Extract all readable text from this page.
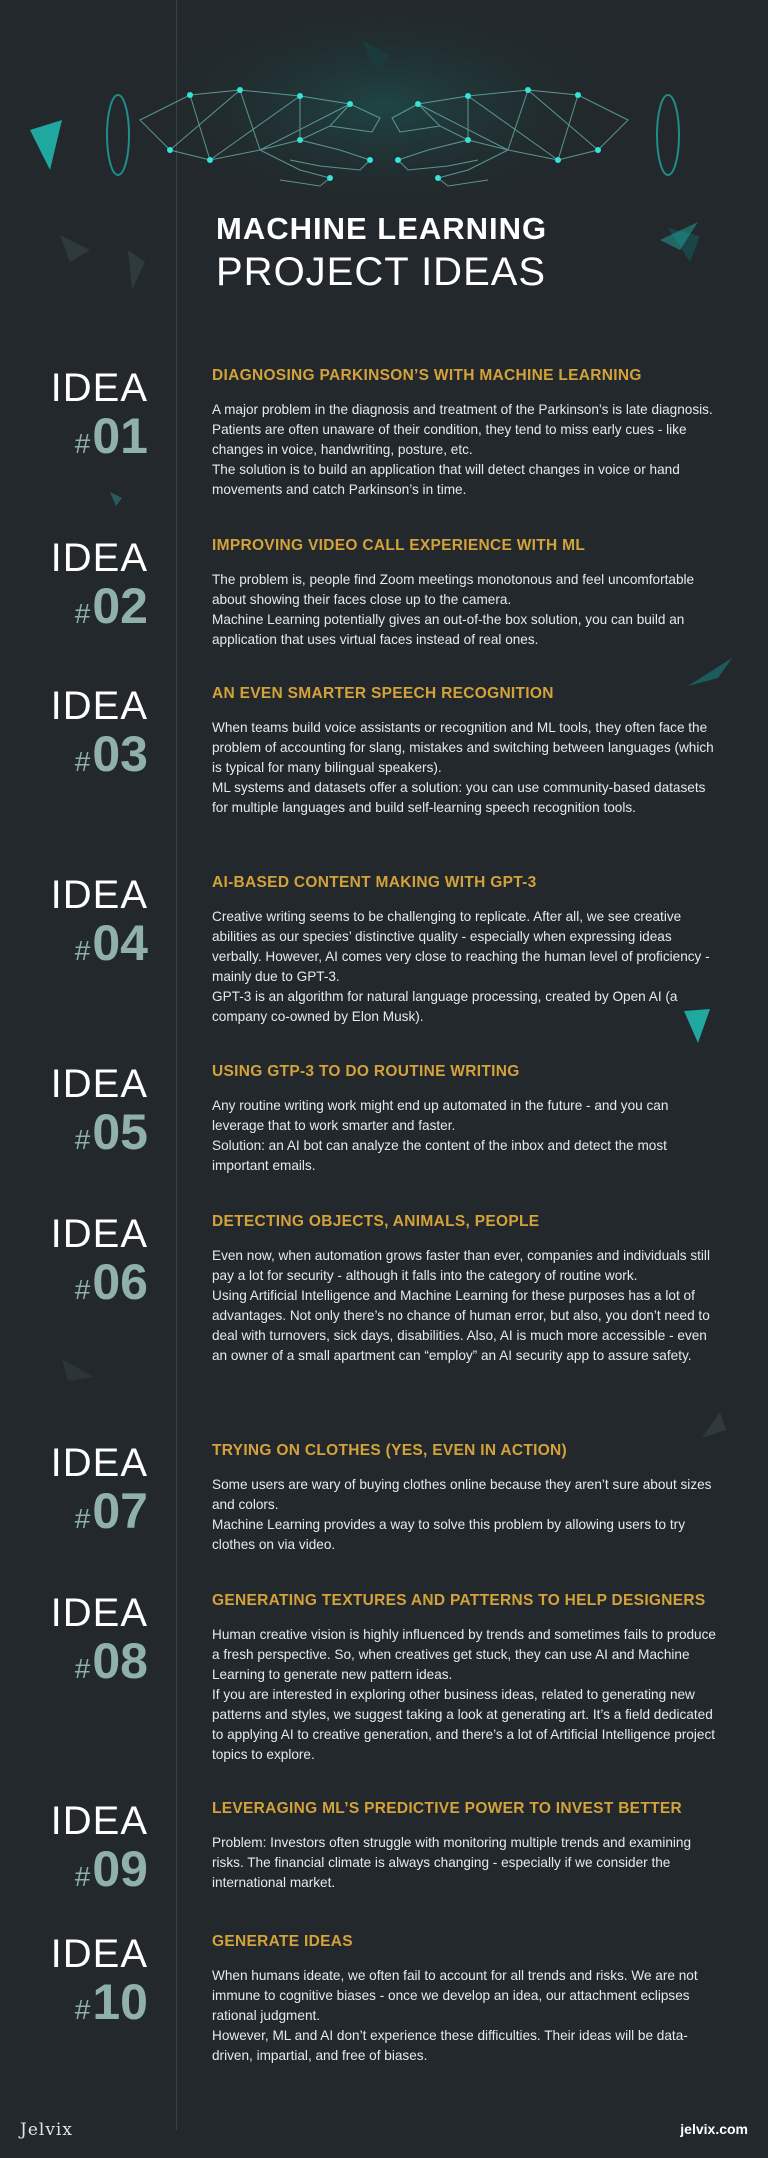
MACHINE LEARNING
PROJECT IDEAS
IDEA
#01
DIAGNOSING PARKINSON’S WITH MACHINE LEARNING

A major problem in the diagnosis and treatment of the Parkinson’s is late diagnosis. Patients are often unaware of their condition, they tend to miss early cues - like changes in voice, handwriting, posture, etc.

The solution is to build an application that will detect changes in voice or hand movements and catch Parkinson’s in time.

IDEA
#02
IMPROVING VIDEO CALL EXPERIENCE WITH ML

The problem is, people find Zoom meetings monotonous and feel uncomfortable about showing their faces close up to the camera.

Machine Learning potentially gives an out-of-the box solution, you can build an application that uses virtual faces instead of real ones.

IDEA
#03
AN EVEN SMARTER SPEECH RECOGNITION

When teams build voice assistants or recognition and ML tools, they often face the problem of accounting for slang, mistakes and switching between languages (which is typical for many bilingual speakers).

ML systems and datasets offer a solution: you can use community-based datasets for multiple languages and build self-learning speech recognition tools.

IDEA
#04
AI-BASED CONTENT MAKING WITH GPT-3

Creative writing seems to be challenging to replicate. After all, we see creative abilities as our species’ distinctive quality - especially when expressing ideas verbally. However, AI comes very close to reaching the human level of proficiency - mainly due to GPT-3.

GPT-3 is an algorithm for natural language processing, created by Open AI (a company co-owned by Elon Musk).

IDEA
#05
USING GTP-3 TO DO ROUTINE WRITING

Any routine writing work might end up automated in the future - and you can leverage that to work smarter and faster.

Solution: an AI bot can analyze the content of the inbox and detect the most important emails.

IDEA
#06
DETECTING OBJECTS, ANIMALS, PEOPLE

Even now, when automation grows faster than ever, companies and individuals still pay a lot for security - although it falls into the category of routine work.

Using Artificial Intelligence and Machine Learning for these purposes has a lot of advantages. Not only there’s no chance of human error, but also, you don’t need to deal with turnovers, sick days, disabilities. Also, AI is much more accessible - even an owner of a small apartment can “employ” an AI security app to assure safety.

IDEA
#07
TRYING ON CLOTHES (YES, EVEN IN ACTION)

Some users are wary of buying clothes online because they aren’t sure about sizes and colors.

Machine Learning provides a way to solve this problem by allowing users to try clothes on via video.

IDEA
#08
GENERATING TEXTURES AND PATTERNS TO HELP DESIGNERS

Human creative vision is highly influenced by trends and sometimes fails to produce a fresh perspective. So, when creatives get stuck, they can use AI and Machine Learning to generate new pattern ideas.

If you are interested in exploring other business ideas, related to generating new patterns and styles, we suggest taking a look at generating art. It’s a field dedicated to applying AI to creative generation, and there’s a lot of Artificial Intelligence project topics to explore.

IDEA
#09
LEVERAGING ML’S PREDICTIVE POWER TO INVEST BETTER

Problem: Investors often struggle with monitoring multiple trends and examining risks. The financial climate is always changing - especially if we consider the international market.

IDEA
#10
GENERATE IDEAS

When humans ideate, we often fail to account for all trends and risks. We are not immune to cognitive biases - once we develop an idea, our attachment eclipses rational judgment.

However, ML and AI don’t experience these difficulties. Their ideas will be data-driven, impartial, and free of biases.

Jelvix	jelvix.com
